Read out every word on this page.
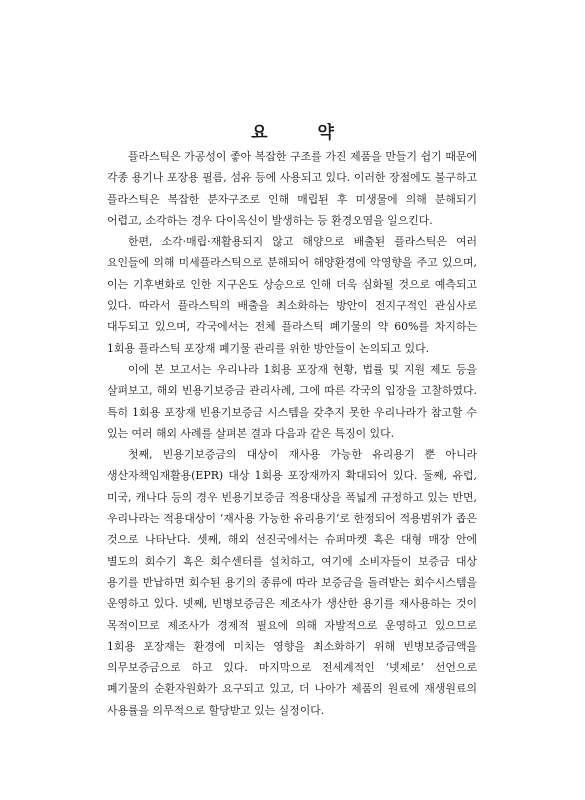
요 약

플라스틱은 가공성이 좋아 복잡한 구조를 가진 제품을 만들기 쉽기 때문에 각종 용기나 포장용 필름, 섬유 등에 사용되고 있다. 이러한 장점에도 불구하고 플라스틱은 복잡한 분자구조로 인해 매립된 후 미생물에 의해 분해되기 어렵고, 소각하는 경우 다이옥신이 발생하는 등 환경오염을 일으킨다.

한편, 소각·매립·재활용되지 않고 해양으로 배출된 플라스틱은 여러 요인들에 의해 미세플라스틱으로 분해되어 해양환경에 악영향을 주고 있으며, 이는 기후변화로 인한 지구온도 상승으로 인해 더욱 심화될 것으로 예측되고 있다. 따라서 플라스틱의 배출을 최소화하는 방안이 전지구적인 관심사로 대두되고 있으며, 각국에서는 전체 플라스틱 폐기물의 약 60%를 차지하는 1회용 플라스틱 포장재 폐기물 관리를 위한 방안들이 논의되고 있다.

이에 본 보고서는 우리나라 1회용 포장재 현황, 법률 및 지원 제도 등을 살펴보고, 해외 빈용기보증금 관리사례, 그에 따른 각국의 입장을 고찰하였다. 특히 1회용 포장재 빈용기보증금 시스템을 갖추지 못한 우리나라가 참고할 수 있는 여러 해외 사례를 살펴본 결과 다음과 같은 특징이 있다.

첫째, 빈용기보증금의 대상이 재사용 가능한 유리용기 뿐 아니라 생산자책임재활용(EPR) 대상 1회용 포장재까지 확대되어 있다. 둘째, 유럽, 미국, 캐나다 등의 경우 빈용기보증금 적용대상을 폭넓게 규정하고 있는 반면, 우리나라는 적용대상이 ‘재사용 가능한 유리용기’로 한정되어 적용범위가 좁은 것으로 나타난다. 셋째, 해외 선진국에서는 슈퍼마켓 혹은 대형 매장 안에 별도의 회수기 혹은 회수센터를 설치하고, 여기에 소비자들이 보증금 대상 용기를 반납하면 회수된 용기의 종류에 따라 보증금을 돌려받는 회수시스템을 운영하고 있다. 넷째, 빈병보증금은 제조사가 생산한 용기를 재사용하는 것이 목적이므로 제조사가 경제적 필요에 의해 자발적으로 운영하고 있으므로 1회용 포장재는 환경에 미치는 영향을 최소화하기 위해 빈병보증금액을 의무보증금으로 하고 있다. 마지막으로 전세계적인 ‘넷제로’ 선언으로 폐기물의 순환자원화가 요구되고 있고, 더 나아가 제품의 원료에 재생원료의 사용률을 의무적으로 할당받고 있는 실정이다.
